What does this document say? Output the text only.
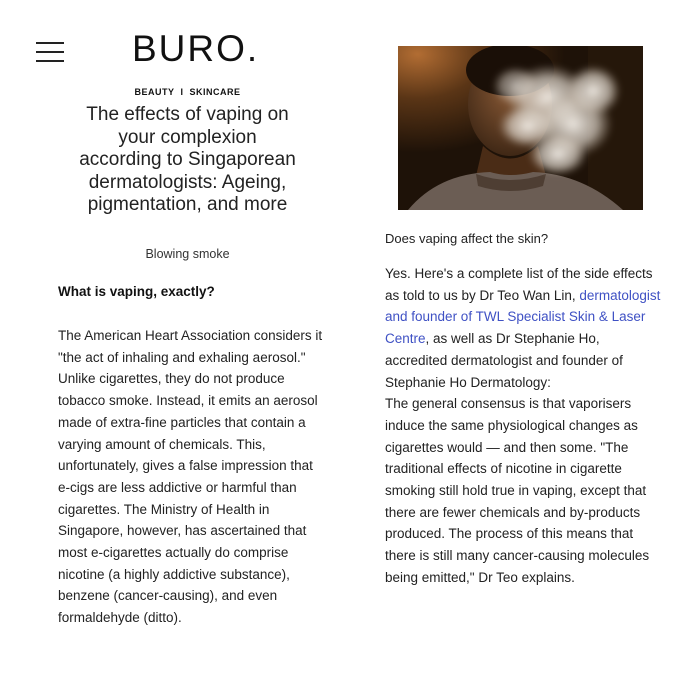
BURO.
BEAUTY I SKINCARE
The effects of vaping on your complexion according to Singaporean dermatologists: Ageing, pigmentation, and more
Blowing smoke
What is vaping, exactly?

The American Heart Association considers it "the act of inhaling and exhaling aerosol." Unlike cigarettes, they do not produce tobacco smoke. Instead, it emits an aerosol made of extra-fine particles that contain a varying amount of chemicals. This, unfortunately, gives a false impression that e-cigs are less addictive or harmful than cigarettes. The Ministry of Health in Singapore, however, has ascertained that most e-cigarettes actually do comprise nicotine (a highly addictive substance), benzene (cancer-causing), and even formaldehyde (ditto).

Does vaping affect the skin?

Yes. Here's a complete list of the side effects as told to us by Dr Teo Wan Lin, dermatologist and founder of TWL Specialist Skin & Laser Centre, as well as Dr Stephanie Ho, accredited dermatologist and founder of Stephanie Ho Dermatology:
The general consensus is that vaporisers induce the same physiological changes as cigarettes would — and then some. "The traditional effects of nicotine in cigarette smoking still hold true in vaping, except that there are fewer chemicals and by-products produced. The process of this means that there is still many cancer-causing molecules being emitted," Dr Teo explains.
